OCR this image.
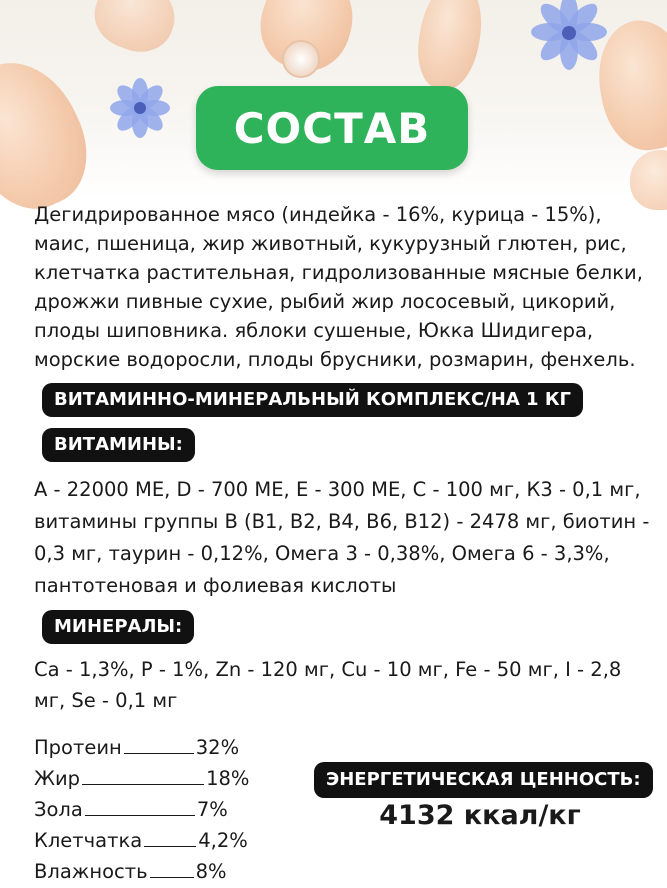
СОСТАВ

Дегидрированное мясо (индейка - 16%, курица - 15%), маис, пшеница, жир животный, кукурузный глютен, рис, клетчатка растительная, гидролизованные мясные белки, дрожжи пивные сухие, рыбий жир лососевый, цикорий, плоды шиповника. яблоки сушеные, Юкка Шидигера, морские водоросли, плоды брусники, розмарин, фенхель.

ВИТАМИННО-МИНЕРАЛЬНЫЙ КОМПЛЕКС/НА 1 КГ
ВИТАМИНЫ:

А - 22000 МЕ, D - 700 МЕ, Е - 300 МЕ, С - 100 мг, К3 - 0,1 мг, витамины группы В (В1, В2, В4, В6, В12) - 2478 мг, биотин - 0,3 мг, таурин - 0,12%, Омега 3 - 0,38%, Омега 6 - 3,3%, пантотеновая и фолиевая кислоты

МИНЕРАЛЫ:

Ca - 1,3%, P - 1%, Zn - 120 мг, Cu - 10 мг, Fe - 50 мг, I - 2,8 мг, Se - 0,1 мг

Протеин	32%
Жир	18%
Зола	7%
Клетчатка	4,2%
Влажность 8%
ЭНЕРГЕТИЧЕСКАЯ ЦЕННОСТЬ:
4132 ккал/кг
